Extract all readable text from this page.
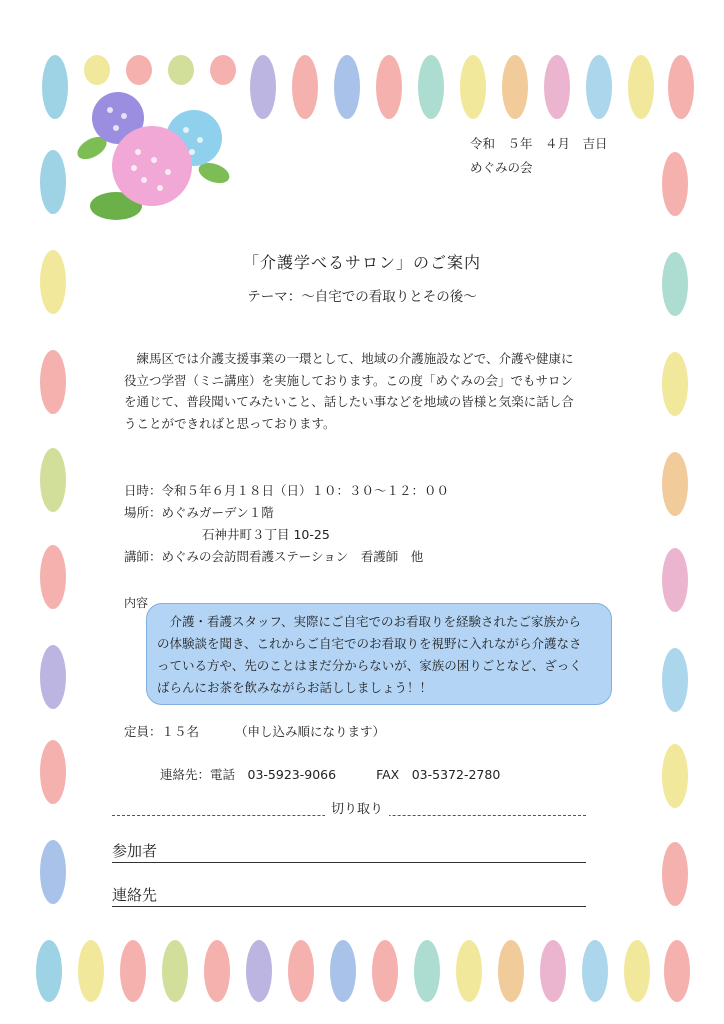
令和　５年　４月　吉日
めぐみの会
「介護学べるサロン」のご案内
テーマ：～自宅での看取りとその後～
練馬区では介護支援事業の一環として、地域の介護施設などで、介護や健康に
役立つ学習（ミニ講座）を実施しております。この度「めぐみの会」でもサロン
を通じて、普段聞いてみたいこと、話したい事などを地域の皆様と気楽に話し合
うことができればと思っております。
日時：令和５年６月１８日（日）１０：３０～１２：００
場所：めぐみガーデン１階
石神井町３丁目 10-25
講師：めぐみの会訪問看護ステーション　看護師　他
内容
　介護・看護スタッフ、実際にご自宅でのお看取りを経験されたご家族から
の体験談を聞き、これからご自宅でのお看取りを視野に入れながら介護なさ
っている方や、先のことはまだ分からないが、家族の困りごとなど、ざっく
ばらんにお茶を飲みながらお話ししましょう！！
定員：１５名	（申し込み順になります）
連絡先：電話　03-5923-9066	FAX　03-5372-2780
切り取り
参加者
連絡先
